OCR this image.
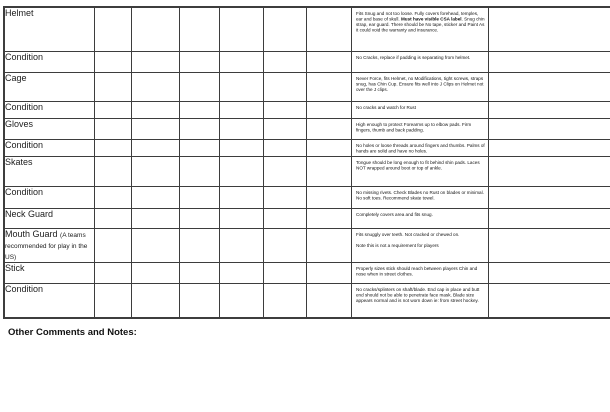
Helmet							Fits Snug and not too loose. Fully covers forehead, temples, ear and base of skull. Must have visible CSA label. Snug chin strap, ear guard. There should be No tape, sticker and Paint As it could void the warranty and insurance.	

Condition							No Cracks, replace if padding is separating from helmet.	

Cage							Never Force, fits Helmet, no Modifications, tight screws, straps snug, has Chin Cup. Ensure fits well into J Clips on Helmet not over the J clips.	

Condition							No cracks and watch for Rust	

Gloves							High enough to protect Forearms up to elbow pads. Firm fingers, thumb and back padding.	

Condition							No holes or loose threads around fingers and thumbs. Palms of hands are solid and have no holes.	

Skates							Tongue should be long enough to fit behind shin pads. Laces NOT wrapped around boot or top of ankle.	

Condition							No missing rivets. Check Blades no Rust on blades or minimal. No soft toes. Recommend skate towel.	

Neck Guard							Completely covers area and fits snug.	

Mouth Guard (A teams recommended for play in the US)							Fits snuggly over teeth. Not cracked or chewed on.
Note this is not a requirement for players	

Stick							Properly sizes stick should reach between players Chin and nose when in street clothes.	

Condition							No cracks/splinters on shaft/blade. End cap in place and butt end should not be able to penetrate face mask. Blade size appears normal and is not worn down ie: from street hockey.	

Other Comments and Notes:
